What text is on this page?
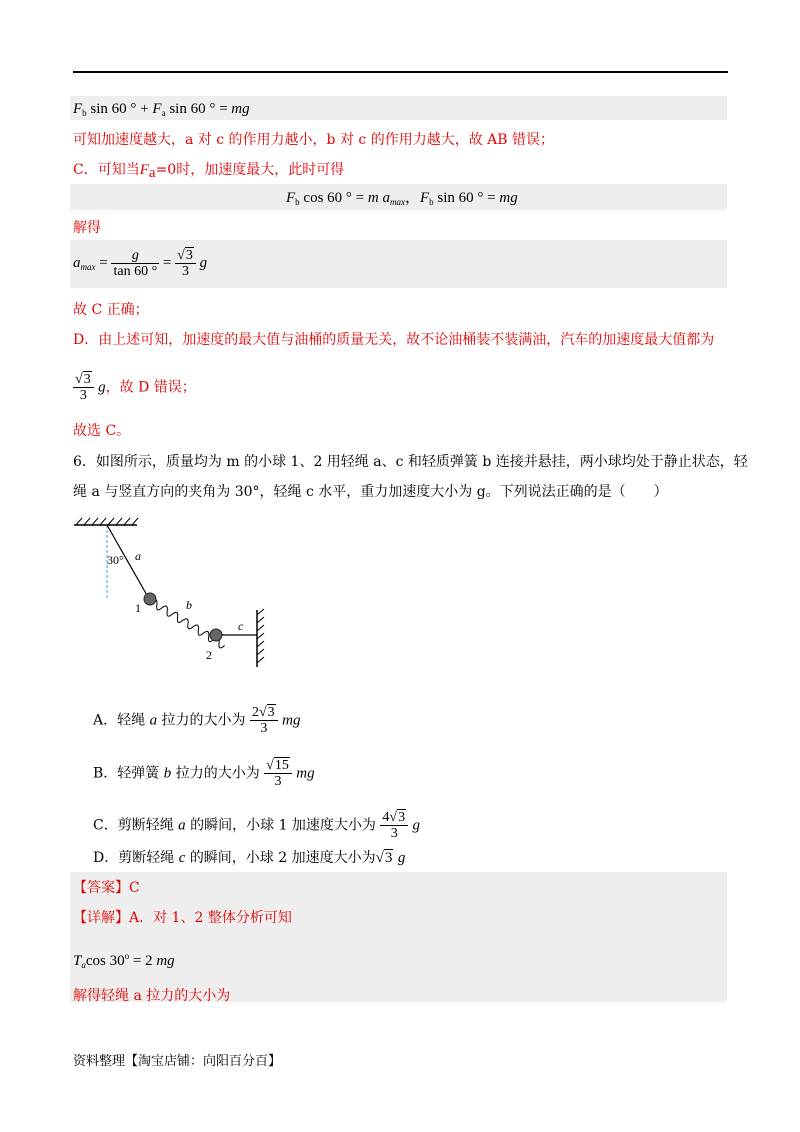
$F_b$ sin 60 ° + $F_a$ sin 60 ° = mg
可知加速度越大，a 对 c 的作用力越小，b 对 c 的作用力越大，故 AB 错误；
C．可知当$F_a=0$时，加速度最大，此时可得
$F_b$ cos 60 ° = m $a_{max}$，$F_b$ sin 60 ° = mg
解得
$a_{max} = \frac{g}{\tan 60 ^\circ} = \frac{√3}{3}$ g
故 C 正确；
D．由上述可知，加速度的最大值与油桶的质量无关，故不论油桶装不装满油，汽车的加速度最大值都为
$\frac{√3}{3}$ g，故 D 错误；
故选 C。
6．如图所示，质量均为 m 的小球 1、2 用轻绳 a、c 和轻质弹簧 b 连接并悬挂，两小球均处于静止状态，轻
绳 a 与竖直方向的夹角为 30°，轻绳 c 水平，重力加速度大小为 g。下列说法正确的是（　　）
30° a
b
1
2
c
A．轻绳 a 拉力的大小为 $\frac{2√3}{3}$ mg
B．轻弹簧 b 拉力的大小为 $\frac{√15}{3}$ mg
C．剪断轻绳 a 的瞬间，小球 1 加速度大小为 $\frac{4√3}{3}$ g
D．剪断轻绳 c 的瞬间，小球 2 加速度大小为√3 g
【答案】C
【详解】A．对 1、2 整体分析可知
$T_a\cos$ $30^o = 2$ mg
解得轻绳 a 拉力的大小为
资料整理【淘宝店铺：向阳百分百】
